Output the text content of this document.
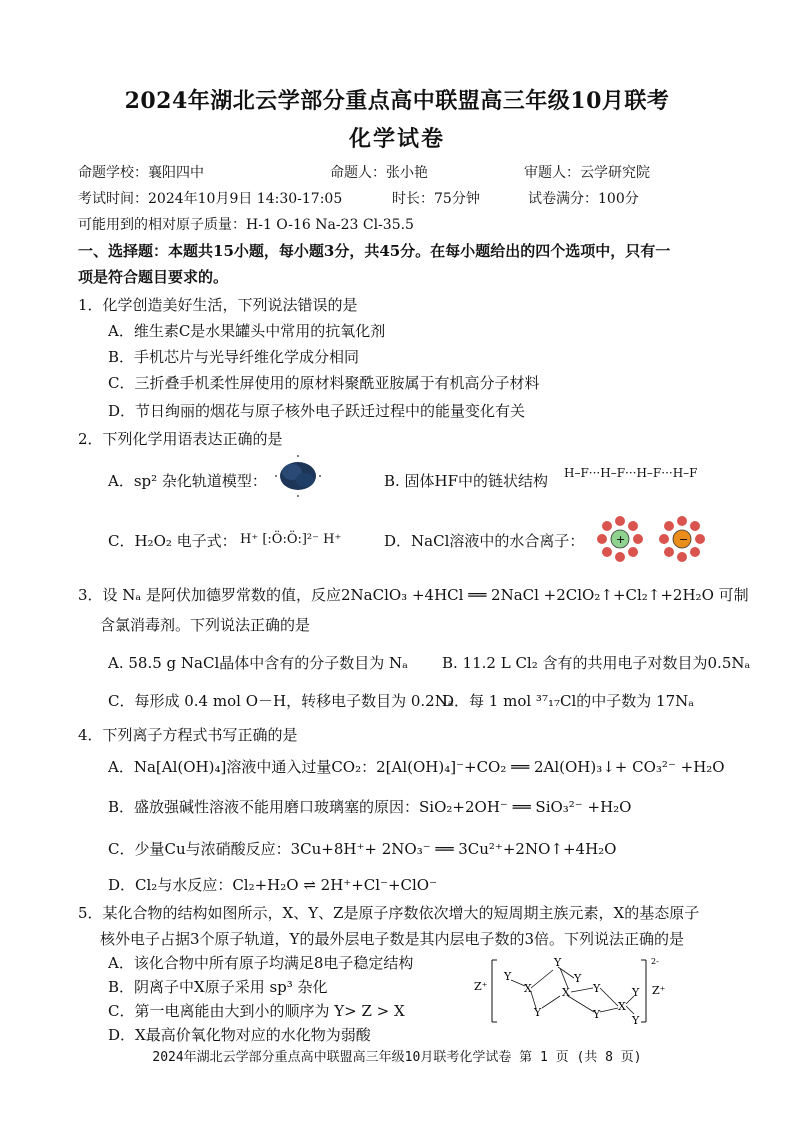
2024年湖北云学部分重点高中联盟高三年级10月联考
化学试卷
命题学校：襄阳四中	命题人：张小艳	审题人：云学研究院
考试时间：2024年10月9日 14:30-17:05	时长：75分钟	试卷满分：100分
可能用到的相对原子质量：H-1 O-16 Na-23 Cl-35.5
一、选择题：本题共15小题，每小题3分，共45分。在每小题给出的四个选项中，只有一
项是符合题目要求的。
1．化学创造美好生活，下列说法错误的是
A．维生素C是水果罐头中常用的抗氧化剂
B．手机芯片与光导纤维化学成分相同
C．三折叠手机柔性屏使用的原材料聚酰亚胺属于有机高分子材料
D．节日绚丽的烟花与原子核外电子跃迁过程中的能量变化有关
2．下列化学用语表达正确的是
A．sp² 杂化轨道模型：	B. 固体HF中的链状结构 H–F···H–F···H–F···H–F
C．H₂O₂ 电子式： H⁺ [:Ö:Ö:]²⁻ H⁺	D．NaCl溶液中的水合离子：	+	−
3．设 Nₐ 是阿伏加德罗常数的值，反应2NaClO₃ +4HCl ══ 2NaCl +2ClO₂↑+Cl₂↑+2H₂O 可制
含氯消毒剂。下列说法正确的是
A. 58.5 g NaCl晶体中含有的分子数目为 Nₐ B. 11.2 L Cl₂ 含有的共用电子对数目为0.5Nₐ
C．每形成 0.4 mol O－H，转移电子数目为 0.2Nₐ
D．每 1 mol ³⁷₁₇Cl的中子数为 17Nₐ
4．下列离子方程式书写正确的是
A．Na[Al(OH)₄]溶液中通入过量CO₂：2[Al(OH)₄]⁻+CO₂ ══ 2Al(OH)₃↓+ CO₃²⁻ +H₂O
B．盛放强碱性溶液不能用磨口玻璃塞的原因：SiO₂+2OH⁻ ══ SiO₃²⁻ +H₂O
C．少量Cu与浓硝酸反应：3Cu+8H⁺+ 2NO₃⁻ ══ 3Cu²⁺+2NO↑+4H₂O
D．Cl₂与水反应：Cl₂+H₂O ⇌ 2H⁺+Cl⁻+ClO⁻
5．某化合物的结构如图所示，X、Y、Z是原子序数依次增大的短周期主族元素，X的基态原子
核外电子占据3个原子轨道，Y的最外层电子数是其内层电子数的3倍。下列说法正确的是
A．该化合物中所有原子均满足8电子稳定结构
B．阴离子中X原子采用 sp³ 杂化
C．第一电离能由大到小的顺序为 Y> Z > X
D．X最高价氧化物对应的水化物为弱酸
Z⁺
2-
Z⁺
Y
X
Y
Y
Y
X Y
Y
X
Y
Y
2024年湖北云学部分重点高中联盟高三年级10月联考化学试卷 第 1 页 (共 8 页)
